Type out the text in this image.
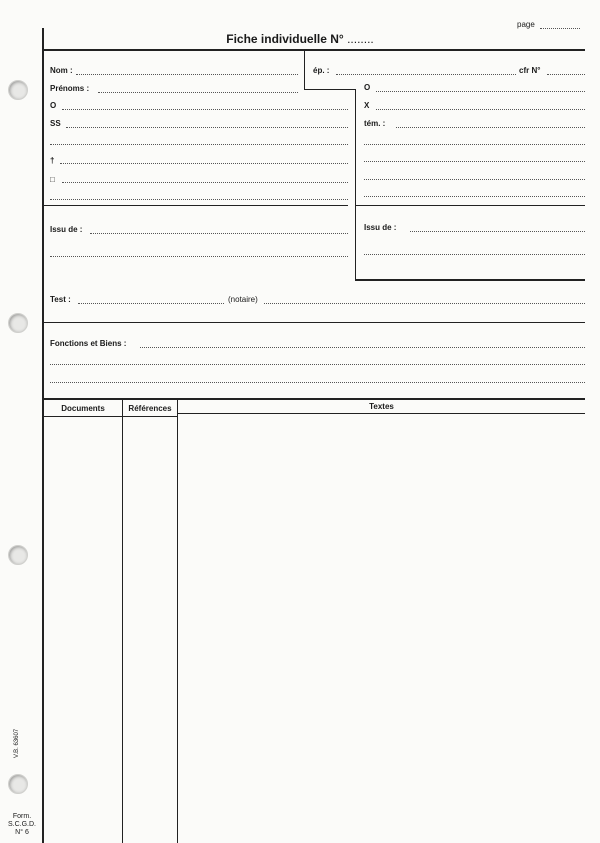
page
Fiche individuelle N° ........
Nom :
Prénoms :
O
SS
†
□
Issu de :
ép. :	cfr N°
O
X
tém. :
Issu de :
Test :	(notaire)
Fonctions et Biens :
Documents	Références	Textes
V.B. 63607
Form.
S.C.G.D.
N° 6
